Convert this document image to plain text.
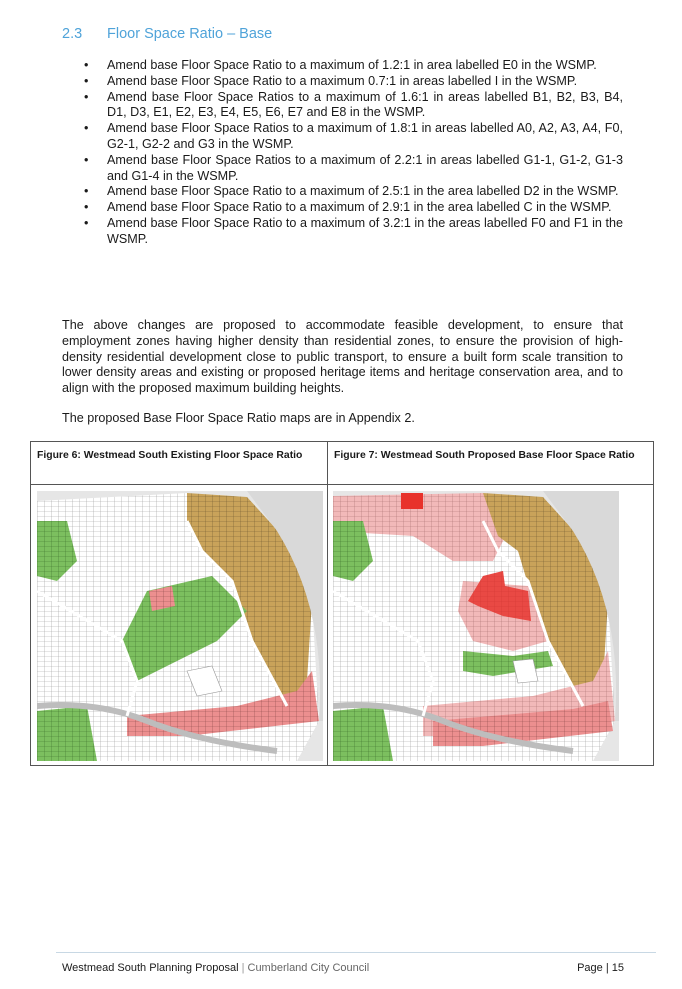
2.3	Floor Space Ratio – Base
• Amend base Floor Space Ratio to a maximum of 1.2:1 in area labelled E0 in the WSMP.
• Amend base Floor Space Ratio to a maximum 0.7:1 in areas labelled I in the WSMP.
• Amend base Floor Space Ratios to a maximum of 1.6:1 in areas labelled B1, B2, B3, B4, D1, D3, E1, E2, E3, E4, E5, E6, E7 and E8 in the WSMP.
• Amend base Floor Space Ratios to a maximum of 1.8:1 in areas labelled A0, A2, A3, A4, F0, G2-1, G2-2 and G3 in the WSMP.
• Amend base Floor Space Ratios to a maximum of 2.2:1 in areas labelled G1-1, G1-2, G1-3 and G1-4 in the WSMP.
• Amend base Floor Space Ratio to a maximum of 2.5:1 in the area labelled D2 in the WSMP.
• Amend base Floor Space Ratio to a maximum of 2.9:1 in the area labelled C in the WSMP.
• Amend base Floor Space Ratio to a maximum of 3.2:1 in the areas labelled F0 and F1 in the WSMP.

The above changes are proposed to accommodate feasible development, to ensure that employment zones having higher density than residential zones, to ensure the provision of high-density residential development close to public transport, to ensure a built form scale transition to lower density areas and existing or proposed heritage items and heritage conservation area, and to align with the proposed maximum building heights.

The proposed Base Floor Space Ratio maps are in Appendix 2.

Figure 6: Westmead South Existing Floor Space Ratio	Figure 7: Westmead South Proposed Base Floor Space Ratio
Westmead South Planning Proposal | Cumberland City Council	Page | 15
